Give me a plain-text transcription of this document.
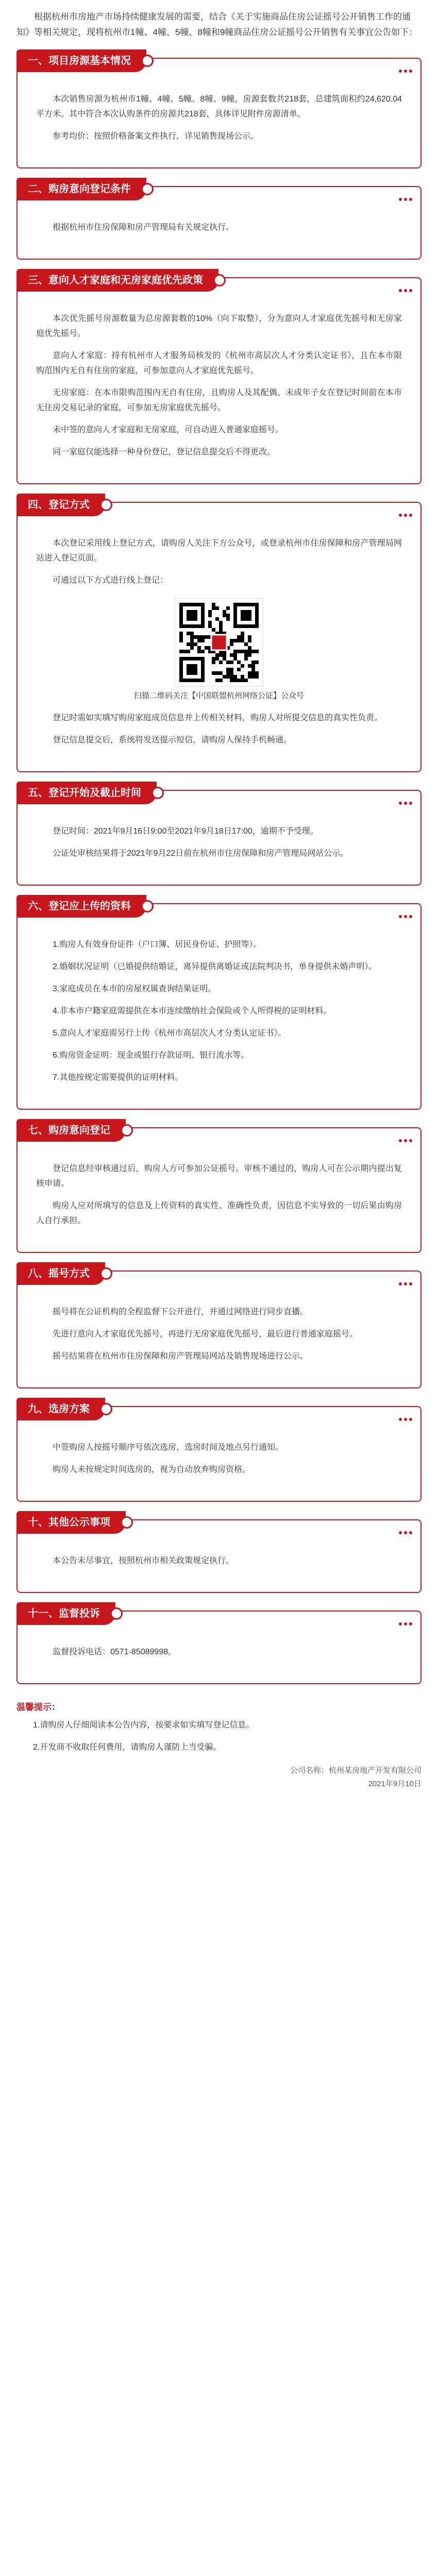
根据杭州市房地产市场持续健康发展的需要，结合《关于实施商品住房公证摇号公开销售工作的通知》等相关规定，现将杭州市1幢、4幢、5幢、8幢和9幢商品住房公证摇号公开销售有关事宜公告如下：

一、项目房源基本情况

本次销售房源为杭州市1幢、4幢、5幢、8幢、9幢，房源套数共218套，总建筑面积约24,620.04平方米。其中符合本次认购条件的房源共218套，具体详见附件房源清单。

参考均价：按照价格备案文件执行，详见销售现场公示。

二、购房意向登记条件

根据杭州市住房保障和房产管理局有关规定执行。

三、意向人才家庭和无房家庭优先政策

本次优先摇号房源数量为总房源套数的10%（向下取整），分为意向人才家庭优先摇号和无房家庭优先摇号。

意向人才家庭：持有杭州市人才服务局核发的《杭州市高层次人才分类认定证书》，且在本市限购范围内无自有住房的家庭，可参加意向人才家庭优先摇号。

无房家庭：在本市限购范围内无自有住房，且购房人及其配偶、未成年子女在登记时间前在本市无住房交易记录的家庭，可参加无房家庭优先摇号。

未中签的意向人才家庭和无房家庭，可自动进入普通家庭摇号。

同一家庭仅能选择一种身份登记，登记信息提交后不得更改。

四、登记方式

本次登记采用线上登记方式，请购房人关注下方公众号，或登录杭州市住房保障和房产管理局网站进入登记页面。

可通过以下方式进行线上登记：

扫描二维码关注【中国联盟杭州网络公证】公众号

登记时需如实填写购房家庭成员信息并上传相关材料，购房人对所提交信息的真实性负责。

登记信息提交后，系统将发送提示短信，请购房人保持手机畅通。

五、登记开始及截止时间

登记时间：2021年9月16日9:00至2021年9月18日17:00，逾期不予受理。

公证处审核结果将于2021年9月22日前在杭州市住房保障和房产管理局网站公示。

六、登记应上传的资料

1.购房人有效身份证件（户口簿、居民身份证、护照等）。

2.婚姻状况证明（已婚提供结婚证，离异提供离婚证或法院判决书，单身提供未婚声明）。

3.家庭成员在本市的房屋权属查询结果证明。

4.非本市户籍家庭需提供在本市连续缴纳社会保险或个人所得税的证明材料。

5.意向人才家庭需另行上传《杭州市高层次人才分类认定证书》。

6.购房资金证明：现金或银行存款证明、银行流水等。

7.其他按规定需要提供的证明材料。

七、购房意向登记

登记信息经审核通过后，购房人方可参加公证摇号。审核不通过的，购房人可在公示期内提出复核申请。

购房人应对所填写的信息及上传资料的真实性、准确性负责，因信息不实导致的一切后果由购房人自行承担。

八、摇号方式

摇号将在公证机构的全程监督下公开进行，并通过网络进行同步直播。

先进行意向人才家庭优先摇号，再进行无房家庭优先摇号，最后进行普通家庭摇号。

摇号结果将在杭州市住房保障和房产管理局网站及销售现场进行公示。

九、选房方案

中签购房人按摇号顺序号依次选房，选房时间及地点另行通知。

购房人未按规定时间选房的，视为自动放弃购房资格。

十、其他公示事项

本公告未尽事宜，按照杭州市相关政策规定执行。

十一、监督投诉

监督投诉电话：0571-85089998。

温馨提示：

1.请购房人仔细阅读本公告内容，按要求如实填写登记信息。

2.开发商不收取任何费用，请购房人谨防上当受骗。

公司名称：杭州某房地产开发有限公司
2021年9月10日
